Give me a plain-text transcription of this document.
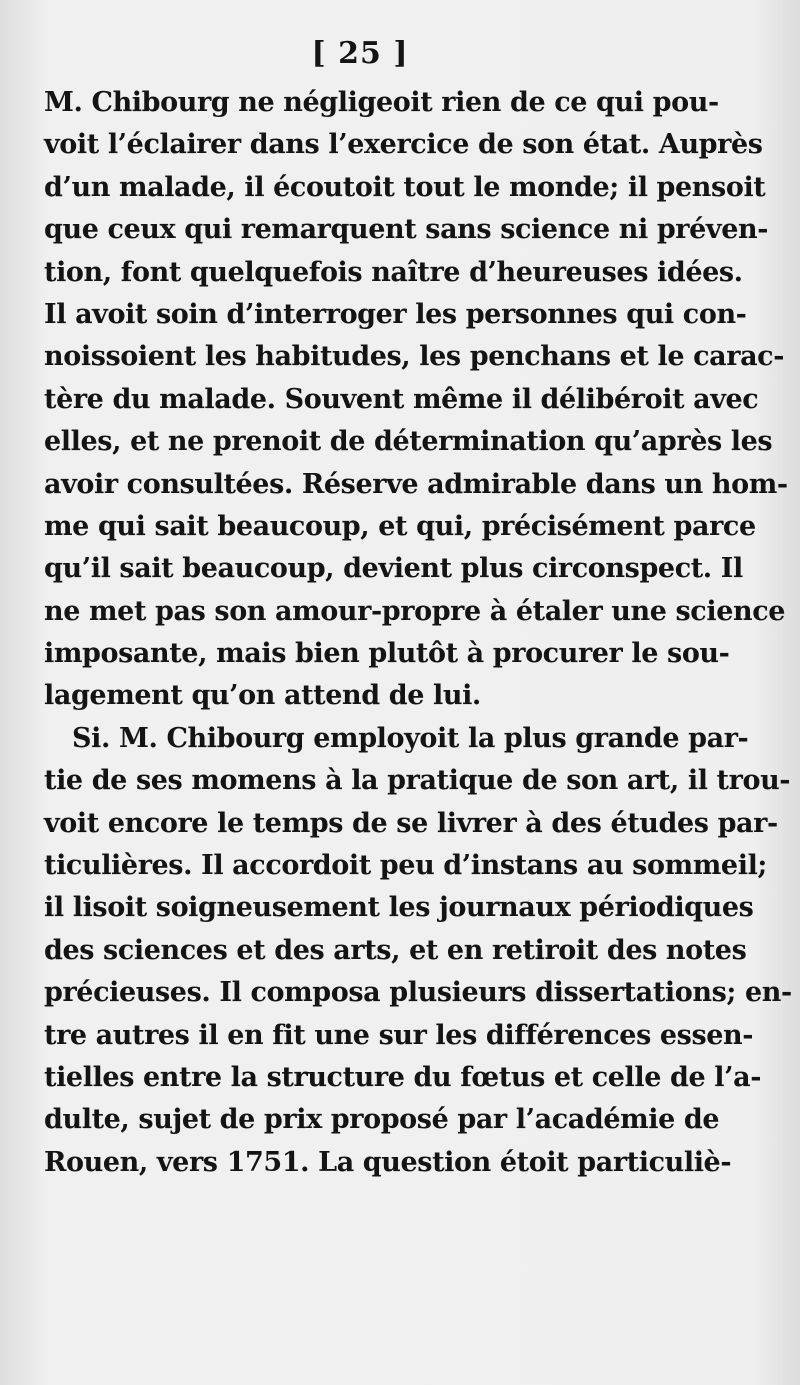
[ 25 ]
M. Chibourg ne négligeoit rien de ce qui pou-
voit l’éclairer dans l’exercice de son état. Auprès
d’un malade, il écoutoit tout le monde; il pensoit
que ceux qui remarquent sans science ni préven-
tion, font quelquefois naître d’heureuses idées.
Il avoit soin d’interroger les personnes qui con-
noissoient les habitudes, les penchans et le carac-
tère du malade. Souvent même il délibéroit avec
elles, et ne prenoit de détermination qu’après les
avoir consultées. Réserve admirable dans un hom-
me qui sait beaucoup, et qui, précisément parce
qu’il sait beaucoup, devient plus circonspect. Il
ne met pas son amour-propre à étaler une science
imposante, mais bien plutôt à procurer le sou-
lagement qu’on attend de lui.
Si. M. Chibourg employoit la plus grande par-
tie de ses momens à la pratique de son art, il trou-
voit encore le temps de se livrer à des études par-
ticulières. Il accordoit peu d’instans au sommeil;
il lisoit soigneusement les journaux périodiques
des sciences et des arts, et en retiroit des notes
précieuses. Il composa plusieurs dissertations; en-
tre autres il en fit une sur les différences essen-
tielles entre la structure du fœtus et celle de l’a-
dulte, sujet de prix proposé par l’académie de
Rouen, vers 1751. La question étoit particuliè-
